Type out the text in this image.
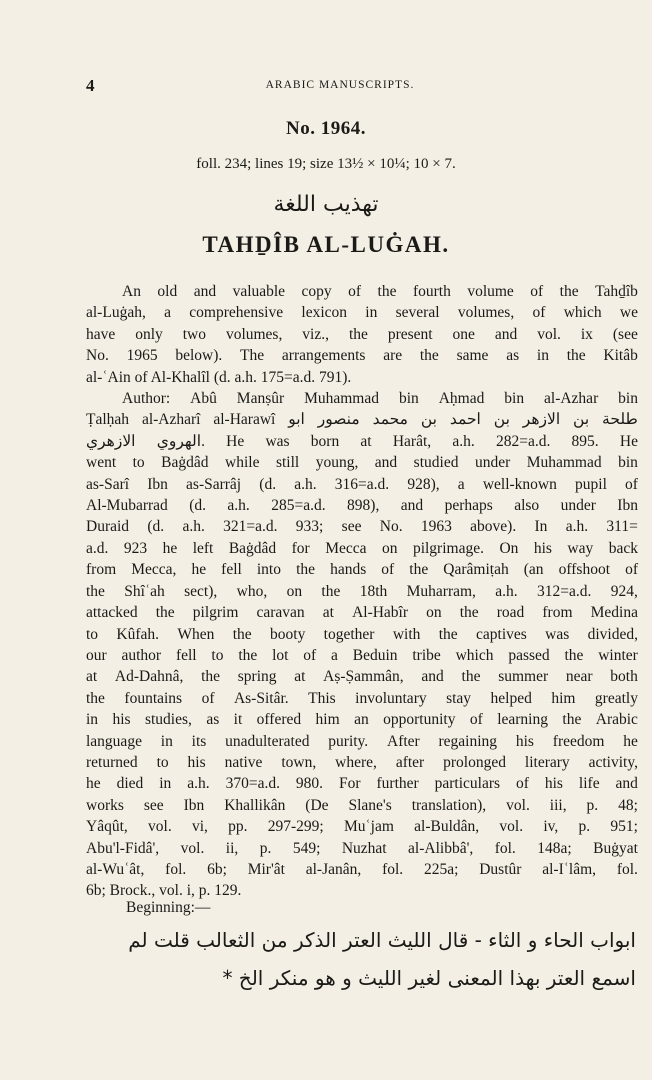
4	ARABIC MANUSCRIPTS.
No. 1964.
foll. 234; lines 19; size 13½ × 10¼; 10 × 7.
تهذيب اللغة
TAHḎÎB AL-LUĠAH.
An old and valuable copy of the fourth volume of the Tahḏîb
al-Luġah, a comprehensive lexicon in several volumes, of which we
have only two volumes, viz., the present one and vol. ix (see
No. 1965 below). The arrangements are the same as in the Kitâb
al-ʿAin of Al-Khalîl (d. a.h. 175=a.d. 791).
Author: Abû Manṣûr Muhammad bin Aḥmad bin al-Azhar bin
Ṭalḥah al-Azharî al-Harawî ابو منصور محمد بن احمد بن الازهر بن طلحة
الازهري الهروي. He was born at Harât, a.h. 282=a.d. 895. He
went to Baġdâd while still young, and studied under Muhammad bin
as-Sarî Ibn as-Sarrâj (d. a.h. 316=a.d. 928), a well-known pupil of
Al-Mubarrad (d. a.h. 285=a.d. 898), and perhaps also under Ibn
Duraid (d. a.h. 321=a.d. 933; see No. 1963 above). In a.h. 311=
a.d. 923 he left Baġdâd for Mecca on pilgrimage. On his way back
from Mecca, he fell into the hands of the Qarâmiṭah (an offshoot of
the Shîʿah sect), who, on the 18th Muharram, a.h. 312=a.d. 924,
attacked the pilgrim caravan at Al-Habîr on the road from Medina
to Kûfah. When the booty together with the captives was divided,
our author fell to the lot of a Beduin tribe which passed the winter
at Ad-Dahnâ, the spring at Aṣ-Ṣammân, and the summer near both
the fountains of As-Sitâr. This involuntary stay helped him greatly
in his studies, as it offered him an opportunity of learning the Arabic
language in its unadulterated purity. After regaining his freedom he
returned to his native town, where, after prolonged literary activity,
he died in a.h. 370=a.d. 980. For further particulars of his life and
works see Ibn Khallikân (De Slane's translation), vol. iii, p. 48;
Yâqût, vol. vi, pp. 297-299; Muʿjam al-Buldân, vol. iv, p. 951;
Abu'l-Fidâ', vol. ii, p. 549; Nuzhat al-Alibbâ', fol. 148a; Buġyat
al-Wuʿât, fol. 6b; Mir'ât al-Janân, fol. 225a; Dustûr al-Iʿlâm, fol.
6b; Brock., vol. i, p. 129.
Beginning:—
ابواب الحاء و الثاء - قال الليث العتر الذكر من الثعالب قلت لم
اسمع العتر بهذا المعنى لغير الليث و هو منكر الخ *
